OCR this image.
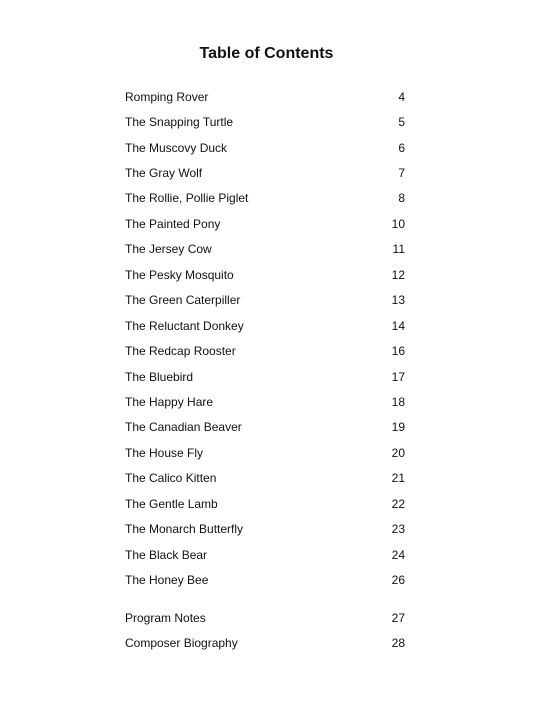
Table of Contents
Romping Rover	4
The Snapping Turtle	5
The Muscovy Duck	6
The Gray Wolf	7
The Rollie, Pollie Piglet	8
The Painted Pony	10
The Jersey Cow	11
The Pesky Mosquito	12
The Green Caterpiller	13
The Reluctant Donkey	14
The Redcap Rooster	16
The Bluebird	17
The Happy Hare	18
The Canadian Beaver	19
The House Fly	20
The Calico Kitten	21
The Gentle Lamb	22
The Monarch Butterfly	23
The Black Bear	24
The Honey Bee	26
Program Notes	27
Composer Biography	28
